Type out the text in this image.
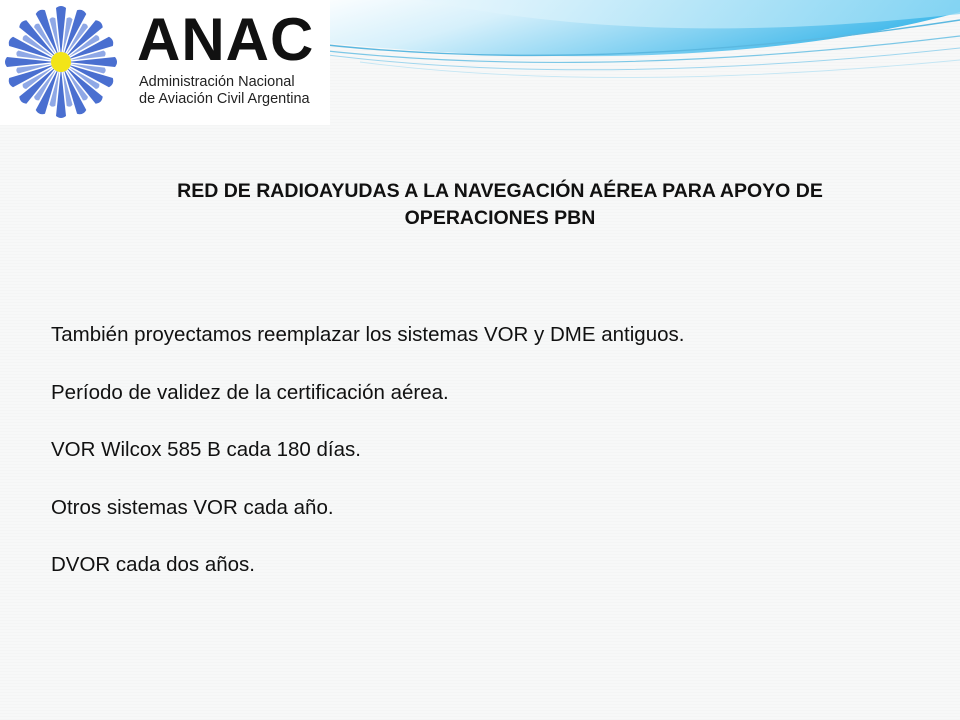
ANAC
Administración Nacional
de Aviación Civil Argentina
RED DE RADIOAYUDAS A LA NAVEGACIÓN AÉREA PARA APOYO DE
OPERACIONES PBN
También proyectamos reemplazar los sistemas VOR y DME antiguos.
Período de validez de la certificación aérea.
VOR Wilcox 585 B cada 180 días.
Otros sistemas VOR cada año.
DVOR cada dos años.
